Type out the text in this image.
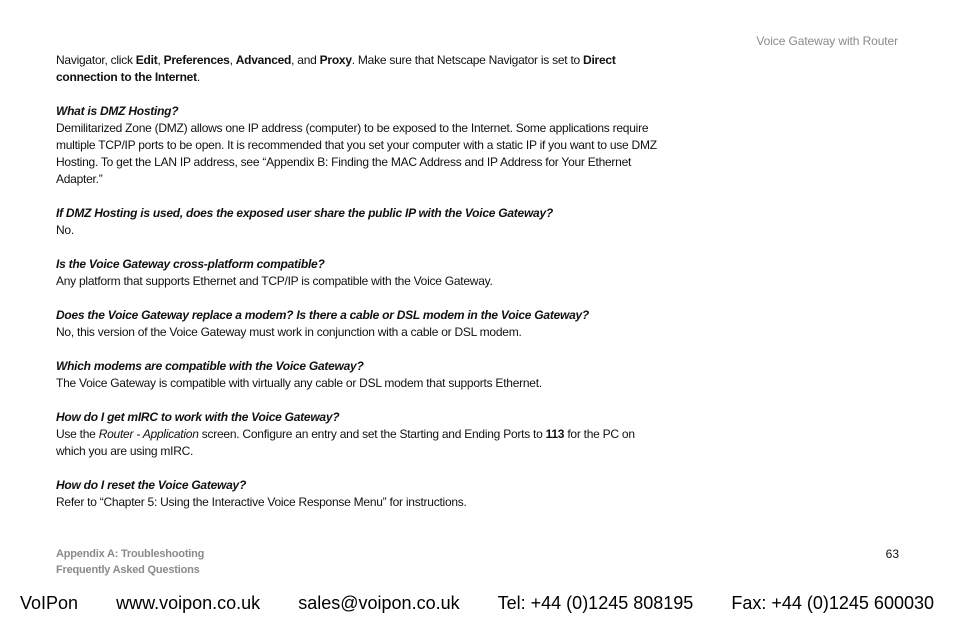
Voice Gateway with Router

Navigator, click Edit, Preferences, Advanced, and Proxy. Make sure that Netscape Navigator is set to Direct connection to the Internet.

What is DMZ Hosting?

Demilitarized Zone (DMZ) allows one IP address (computer) to be exposed to the Internet. Some applications require multiple TCP/IP ports to be open. It is recommended that you set your computer with a static IP if you want to use DMZ Hosting. To get the LAN IP address, see “Appendix B: Finding the MAC Address and IP Address for Your Ethernet Adapter.”

If DMZ Hosting is used, does the exposed user share the public IP with the Voice Gateway?

No.

Is the Voice Gateway cross-platform compatible?

Any platform that supports Ethernet and TCP/IP is compatible with the Voice Gateway.

Does the Voice Gateway replace a modem? Is there a cable or DSL modem in the Voice Gateway?

No, this version of the Voice Gateway must work in conjunction with a cable or DSL modem.

Which modems are compatible with the Voice Gateway?

The Voice Gateway is compatible with virtually any cable or DSL modem that supports Ethernet.

How do I get mIRC to work with the Voice Gateway?

Use the Router - Application screen. Configure an entry and set the Starting and Ending Ports to 113 for the PC on which you are using mIRC.

How do I reset the Voice Gateway?

Refer to “Chapter 5: Using the Interactive Voice Response Menu” for instructions.

Appendix A: Troubleshooting
Frequently Asked Questions
63
VoIPon www.voipon.co.uk sales@voipon.co.uk Tel: +44 (0)1245 808195 Fax: +44 (0)1245 600030
